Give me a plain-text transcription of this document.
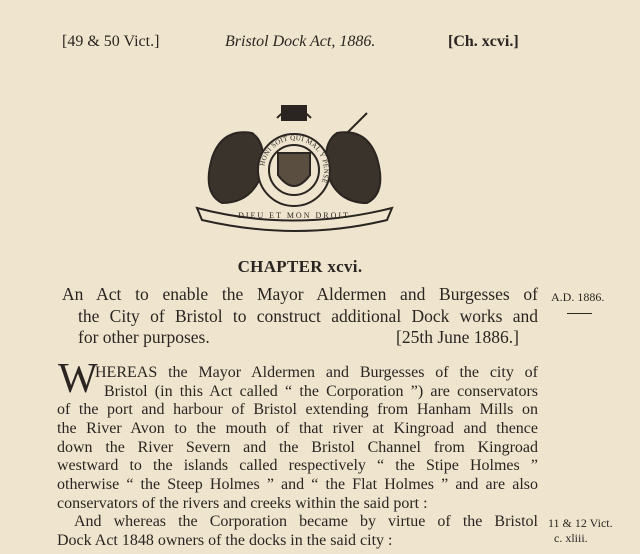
[49 & 50 Vict.]	Bristol Dock Act, 1886.	[Ch. xcvi.]
HONI SOIT QUI MAL Y PENSE
DIEU ET MON DROIT
CHAPTER xcvi.
An Act to enable the Mayor Aldermen and Burgesses of
the City of Bristol to construct additional Dock works and
for other purposes.	[25th June 1886.]
A.D. 1886.
W
HEREAS the Mayor Aldermen and Burgesses of the city of
Bristol (in this Act called “ the Corporation ”) are conservators
of the port and harbour of Bristol extending from Hanham Mills on
the River Avon to the mouth of that river at Kingroad and thence
down the River Severn and the Bristol Channel from Kingroad
westward to the islands called respectively “ the Stipe Holmes ”
otherwise “ the Steep Holmes ” and “ the Flat Holmes ” and are also
conservators of the rivers and creeks within the said port :
And whereas the Corporation became by virtue of the Bristol
Dock Act 1848 owners of the docks in the said city :
11 & 12 Vict.
c. xliii.
